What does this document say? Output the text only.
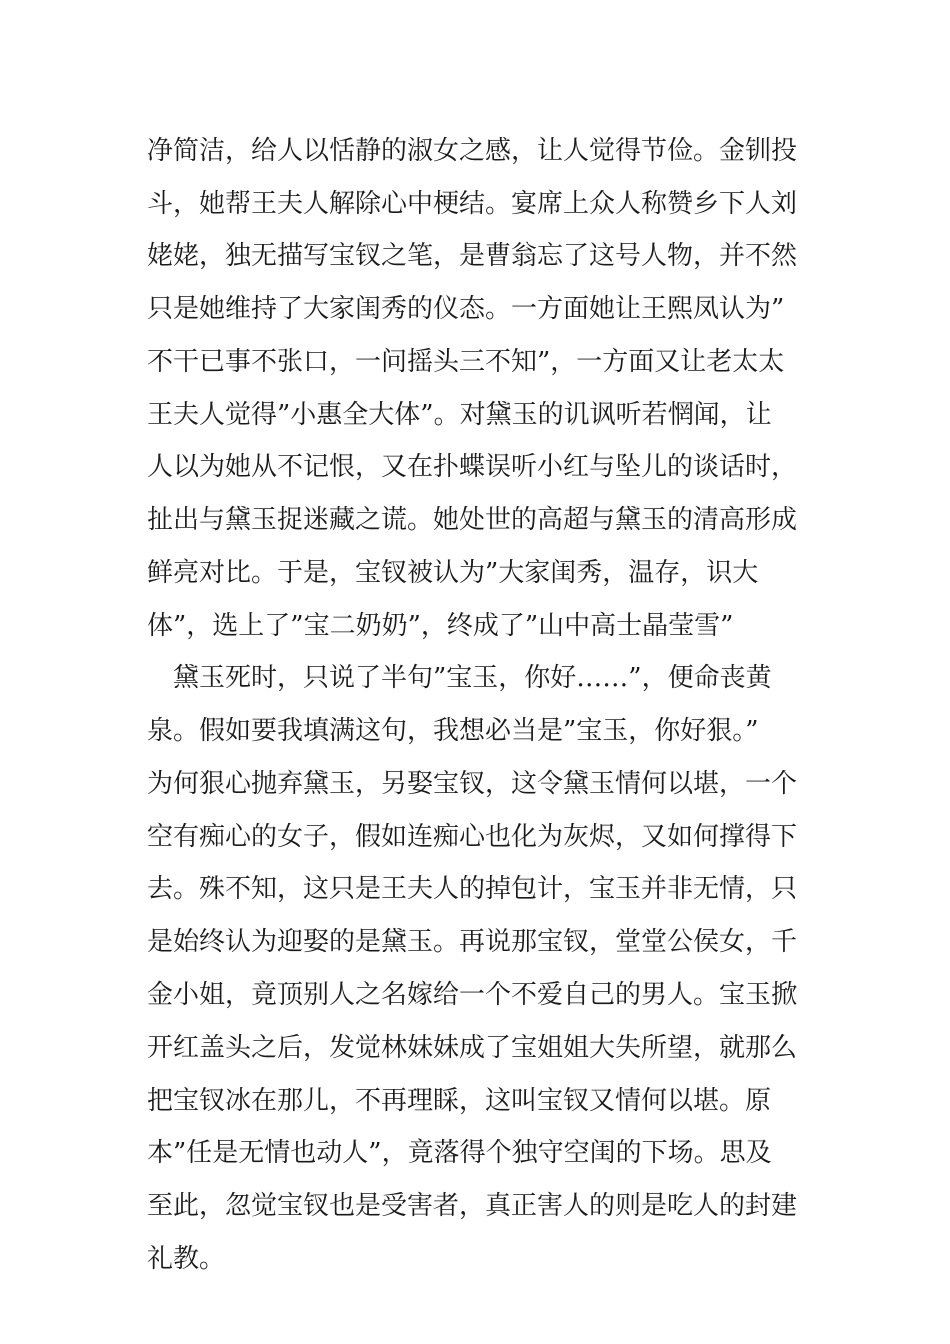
净简洁，给人以恬静的淑女之感，让人觉得节俭。金钏投
斗，她帮王夫人解除心中梗结。宴席上众人称赞乡下人刘
姥姥，独无描写宝钗之笔，是曹翁忘了这号人物，并不然
只是她维持了大家闺秀的仪态。一方面她让王熙凤认为”
不干已事不张口，一问摇头三不知”，一方面又让老太太
王夫人觉得”小惠全大体”。对黛玉的讥讽听若惘闻，让
人以为她从不记恨，又在扑蝶误听小红与坠儿的谈话时，
扯出与黛玉捉迷藏之谎。她处世的高超与黛玉的清高形成
鲜亮对比。于是，宝钗被认为”大家闺秀，温存，识大
体”，选上了”宝二奶奶”，终成了”山中高士晶莹雪”
黛玉死时，只说了半句”宝玉，你好……”，便命丧黄
泉。假如要我填满这句，我想必当是”宝玉，你好狠。”
为何狠心抛弃黛玉，另娶宝钗，这令黛玉情何以堪，一个
空有痴心的女子，假如连痴心也化为灰烬，又如何撑得下
去。殊不知，这只是王夫人的掉包计，宝玉并非无情，只
是始终认为迎娶的是黛玉。再说那宝钗，堂堂公侯女，千
金小姐，竟顶别人之名嫁给一个不爱自己的男人。宝玉掀
开红盖头之后，发觉林妹妹成了宝姐姐大失所望，就那么
把宝钗冰在那儿，不再理睬，这叫宝钗又情何以堪。原
本”任是无情也动人”，竟落得个独守空闺的下场。思及
至此，忽觉宝钗也是受害者，真正害人的则是吃人的封建
礼教。
